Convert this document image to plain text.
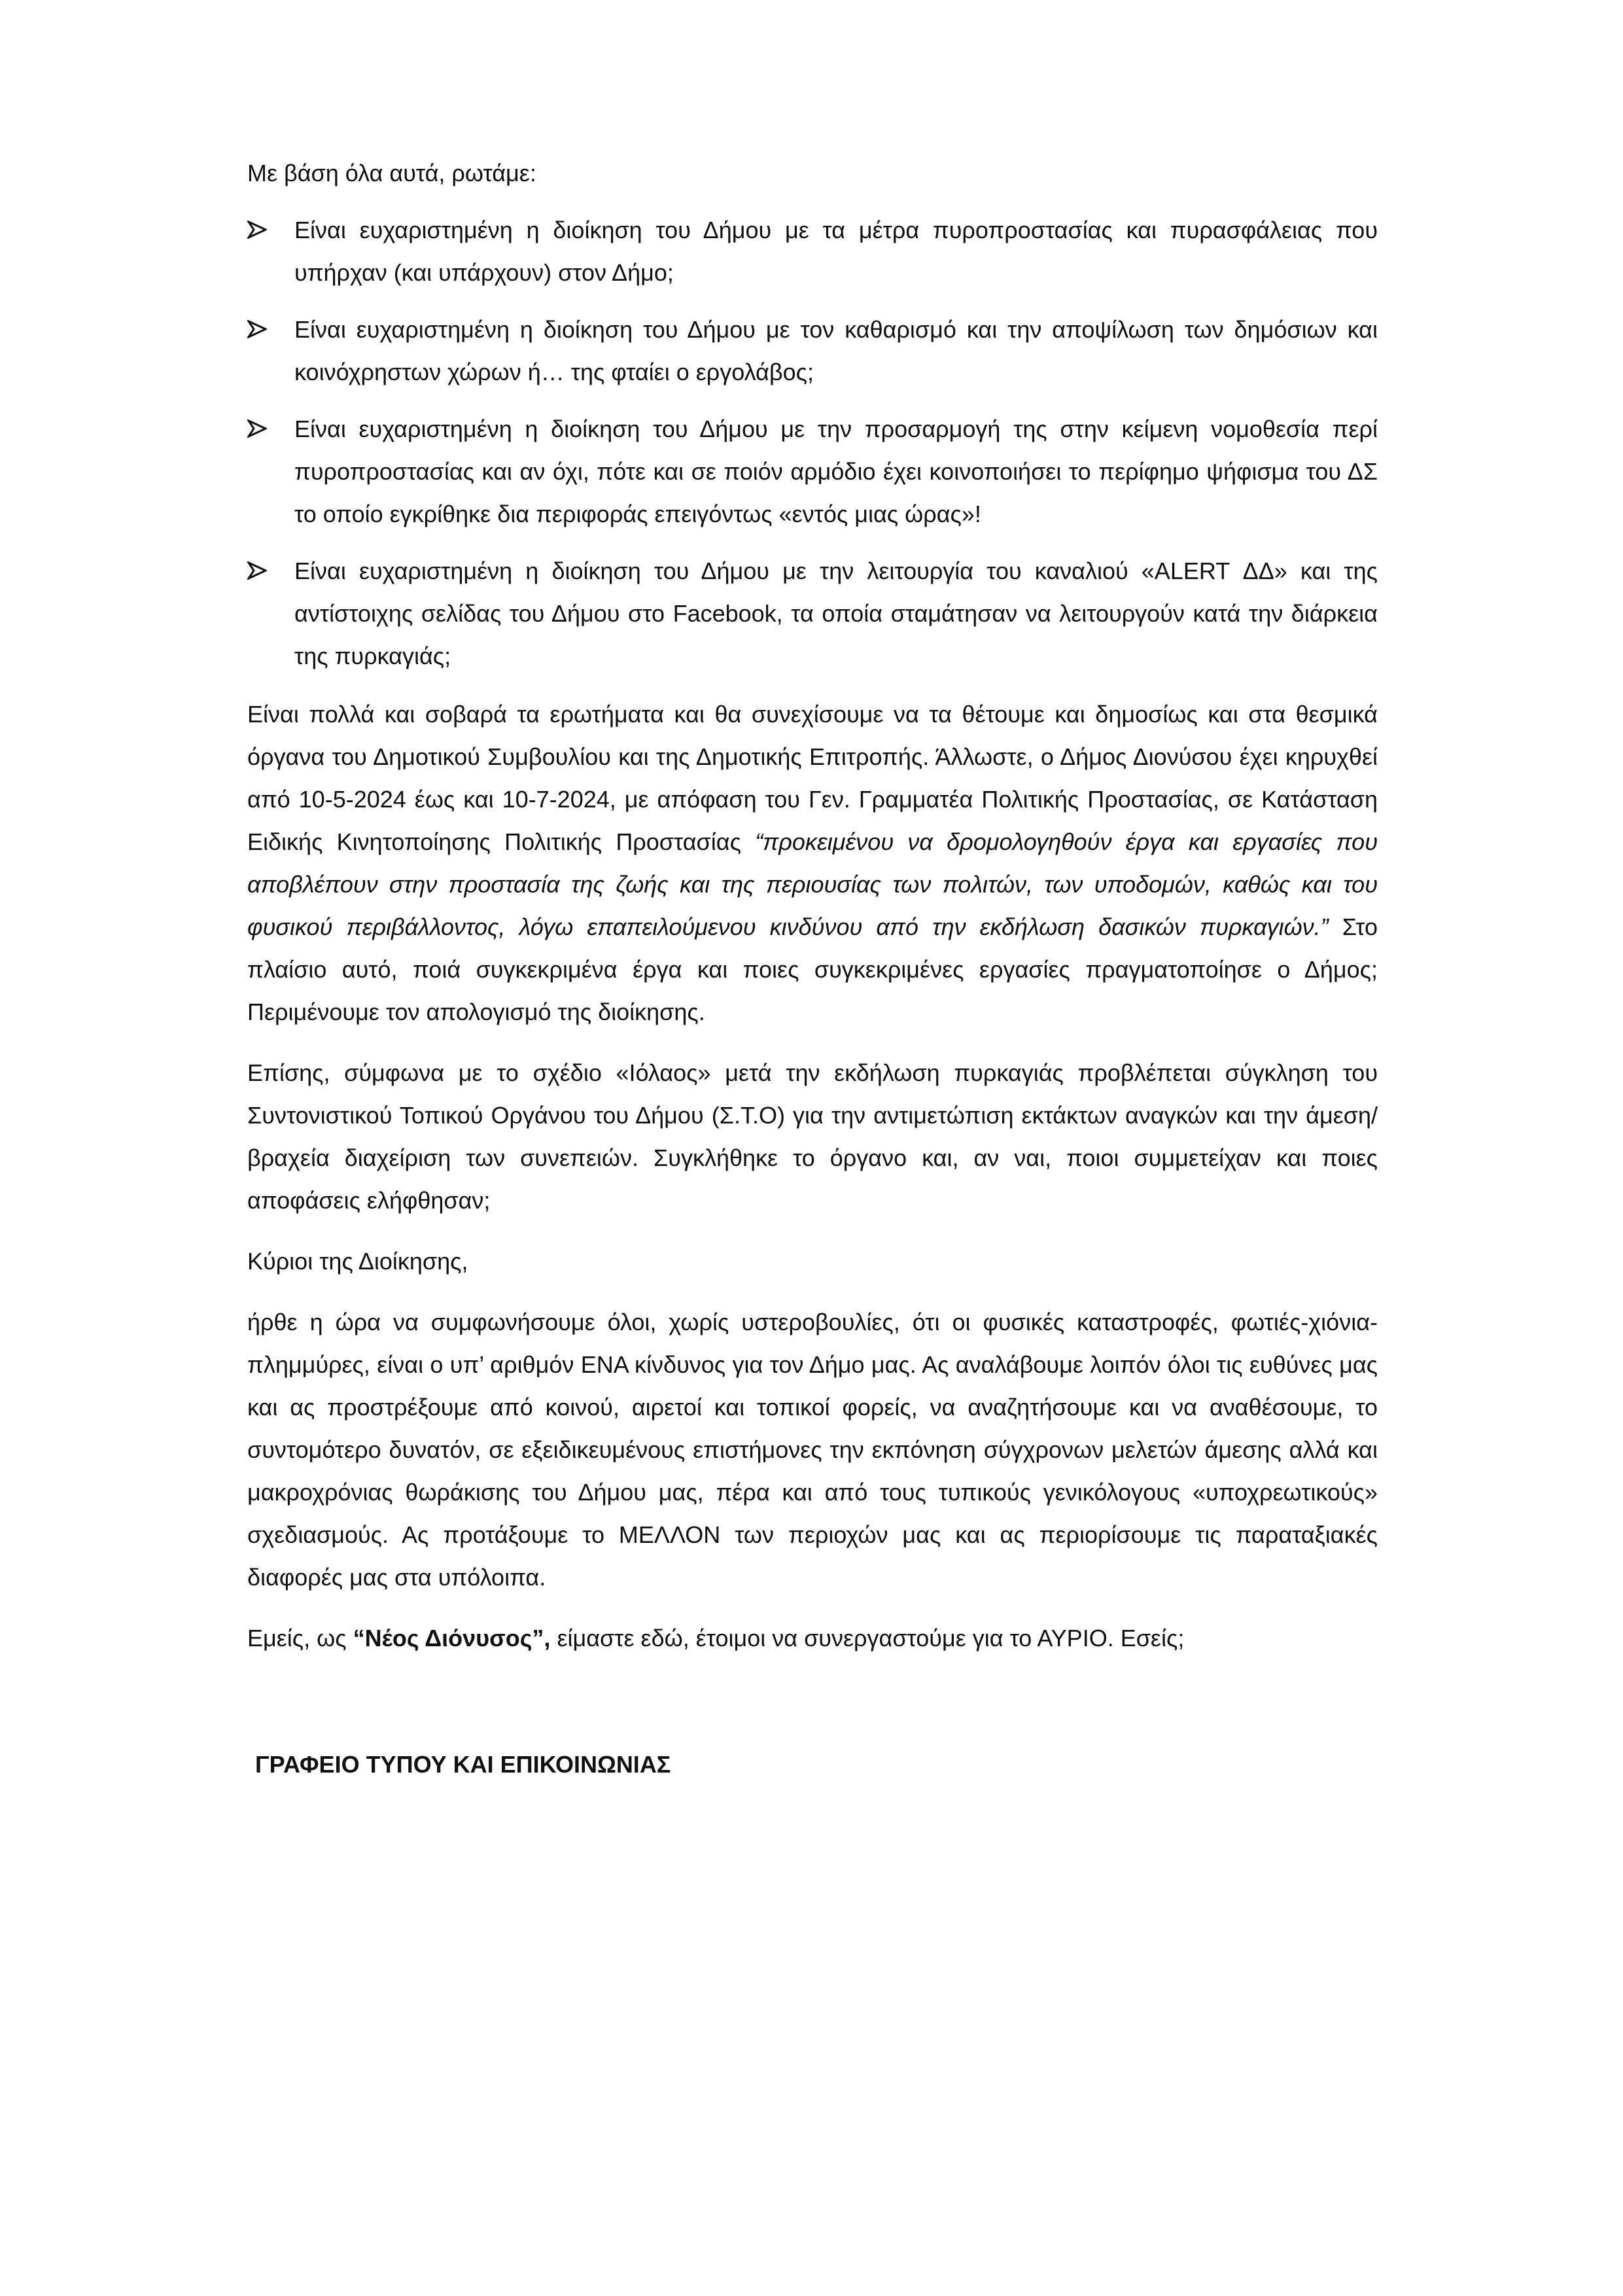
Με βάση όλα αυτά, ρωτάμε:

Είναι ευχαριστημένη η διοίκηση του Δήμου με τα μέτρα πυροπροστασίας και πυρασφάλειας που υπήρχαν (και υπάρχουν) στον Δήμο;
Είναι ευχαριστημένη η διοίκηση του Δήμου με τον καθαρισμό και την αποψίλωση των δημόσιων και κοινόχρηστων χώρων ή… της φταίει ο εργολάβος;
Είναι ευχαριστημένη η διοίκηση του Δήμου με την προσαρμογή της στην κείμενη νομοθεσία περί πυροπροστασίας και αν όχι, πότε και σε ποιόν αρμόδιο έχει κοινοποιήσει το περίφημο ψήφισμα του ΔΣ το οποίο εγκρίθηκε δια περιφοράς επειγόντως «εντός μιας ώρας»!
Είναι ευχαριστημένη η διοίκηση του Δήμου με την λειτουργία του καναλιού «ALERT ΔΔ» και της αντίστοιχης σελίδας του Δήμου στο Facebook, τα οποία σταμάτησαν να λειτουργούν κατά την διάρκεια της πυρκαγιάς;

Είναι πολλά και σοβαρά τα ερωτήματα και θα συνεχίσουμε να τα θέτουμε και δημοσίως και στα θεσμικά όργανα του Δημοτικού Συμβουλίου και της Δημοτικής Επιτροπής. Άλλωστε, ο Δήμος Διονύσου έχει κηρυχθεί από 10-5-2024 έως και 10-7-2024, με απόφαση του Γεν. Γραμματέα Πολιτικής Προστασίας, σε Κατάσταση Ειδικής Κινητοποίησης Πολιτικής Προστασίας “προκειμένου να δρομολογηθούν έργα και εργασίες που αποβλέπουν στην προστασία της ζωής και της περιουσίας των πολιτών, των υποδομών, καθώς και του φυσικού περιβάλλοντος, λόγω επαπειλούμενου κινδύνου από την εκδήλωση δασικών πυρκαγιών.” Στο πλαίσιο αυτό, ποιά συγκεκριμένα έργα και ποιες συγκεκριμένες εργασίες πραγματοποίησε ο Δήμος; Περιμένουμε τον απολογισμό της διοίκησης.

Επίσης, σύμφωνα με το σχέδιο «Ιόλαος» μετά την εκδήλωση πυρκαγιάς προβλέπεται σύγκληση του Συντονιστικού Τοπικού Οργάνου του Δήμου (Σ.Τ.Ο) για την αντιμετώπιση εκτάκτων αναγκών και την άμεση/βραχεία διαχείριση των συνεπειών. Συγκλήθηκε το όργανο και, αν ναι, ποιοι συμμετείχαν και ποιες αποφάσεις ελήφθησαν;

Κύριοι της Διοίκησης,

ήρθε η ώρα να συμφωνήσουμε όλοι, χωρίς υστεροβουλίες, ότι οι φυσικές καταστροφές, φωτιές-χιόνια-πλημμύρες, είναι ο υπ’ αριθμόν ΕΝΑ κίνδυνος για τον Δήμο μας. Ας αναλάβουμε λοιπόν όλοι τις ευθύνες μας και ας προστρέξουμε από κοινού, αιρετοί και τοπικοί φορείς, να αναζητήσουμε και να αναθέσουμε, το συντομότερο δυνατόν, σε εξειδικευμένους επιστήμονες την εκπόνηση σύγχρονων μελετών άμεσης αλλά και μακροχρόνιας θωράκισης του Δήμου μας, πέρα και από τους τυπικούς γενικόλογους «υποχρεωτικούς» σχεδιασμούς. Ας προτάξουμε το ΜΕΛΛΟΝ των περιοχών μας και ας περιορίσουμε τις παραταξιακές διαφορές μας στα υπόλοιπα.

Εμείς, ως “Νέος Διόνυσος”, είμαστε εδώ, έτοιμοι να συνεργαστούμε για το ΑΥΡΙΟ. Εσείς;

ΓΡΑΦΕΙΟ ΤΥΠΟΥ ΚΑΙ ΕΠΙΚΟΙΝΩΝΙΑΣ
